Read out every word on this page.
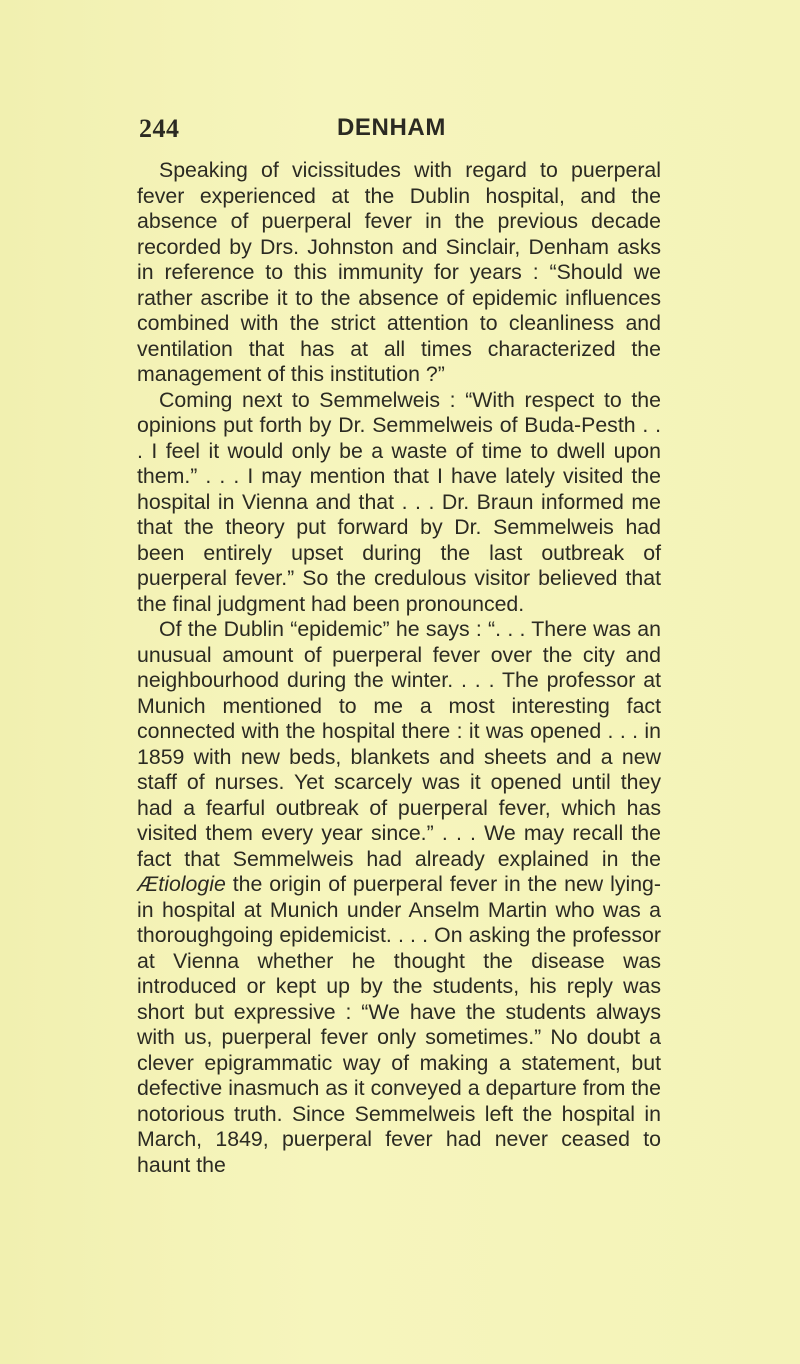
244	DENHAM

Speaking of vicissitudes with regard to puerperal fever experienced at the Dublin hospital, and the absence of puerperal fever in the previous decade recorded by Drs. Johnston and Sinclair, Denham asks in reference to this immunity for years : “Should we rather ascribe it to the absence of epidemic influences combined with the strict attention to cleanliness and ventilation that has at all times characterized the management of this institution ?”

Coming next to Semmelweis : “With respect to the opinions put forth by Dr. Semmelweis of Buda-Pesth . . . I feel it would only be a waste of time to dwell upon them.” . . . I may mention that I have lately visited the hospital in Vienna and that . . . Dr. Braun informed me that the theory put forward by Dr. Semmelweis had been entirely upset during the last outbreak of puerperal fever.” So the credulous visitor believed that the final judgment had been pronounced.

Of the Dublin “epidemic” he says : “. . . There was an unusual amount of puerperal fever over the city and neighbourhood during the winter. . . . The professor at Munich mentioned to me a most interesting fact connected with the hospital there : it was opened . . . in 1859 with new beds, blankets and sheets and a new staff of nurses. Yet scarcely was it opened until they had a fearful outbreak of puerperal fever, which has visited them every year since.” . . . We may recall the fact that Semmelweis had already explained in the Ætiologie the origin of puerperal fever in the new lying-in hospital at Munich under Anselm Martin who was a thoroughgoing epidemicist. . . . On asking the professor at Vienna whether he thought the disease was introduced or kept up by the students, his reply was short but expressive : “We have the students always with us, puerperal fever only sometimes.” No doubt a clever epigrammatic way of making a statement, but defective inasmuch as it conveyed a departure from the notorious truth. Since Semmelweis left the hospital in March, 1849, puerperal fever had never ceased to haunt the
